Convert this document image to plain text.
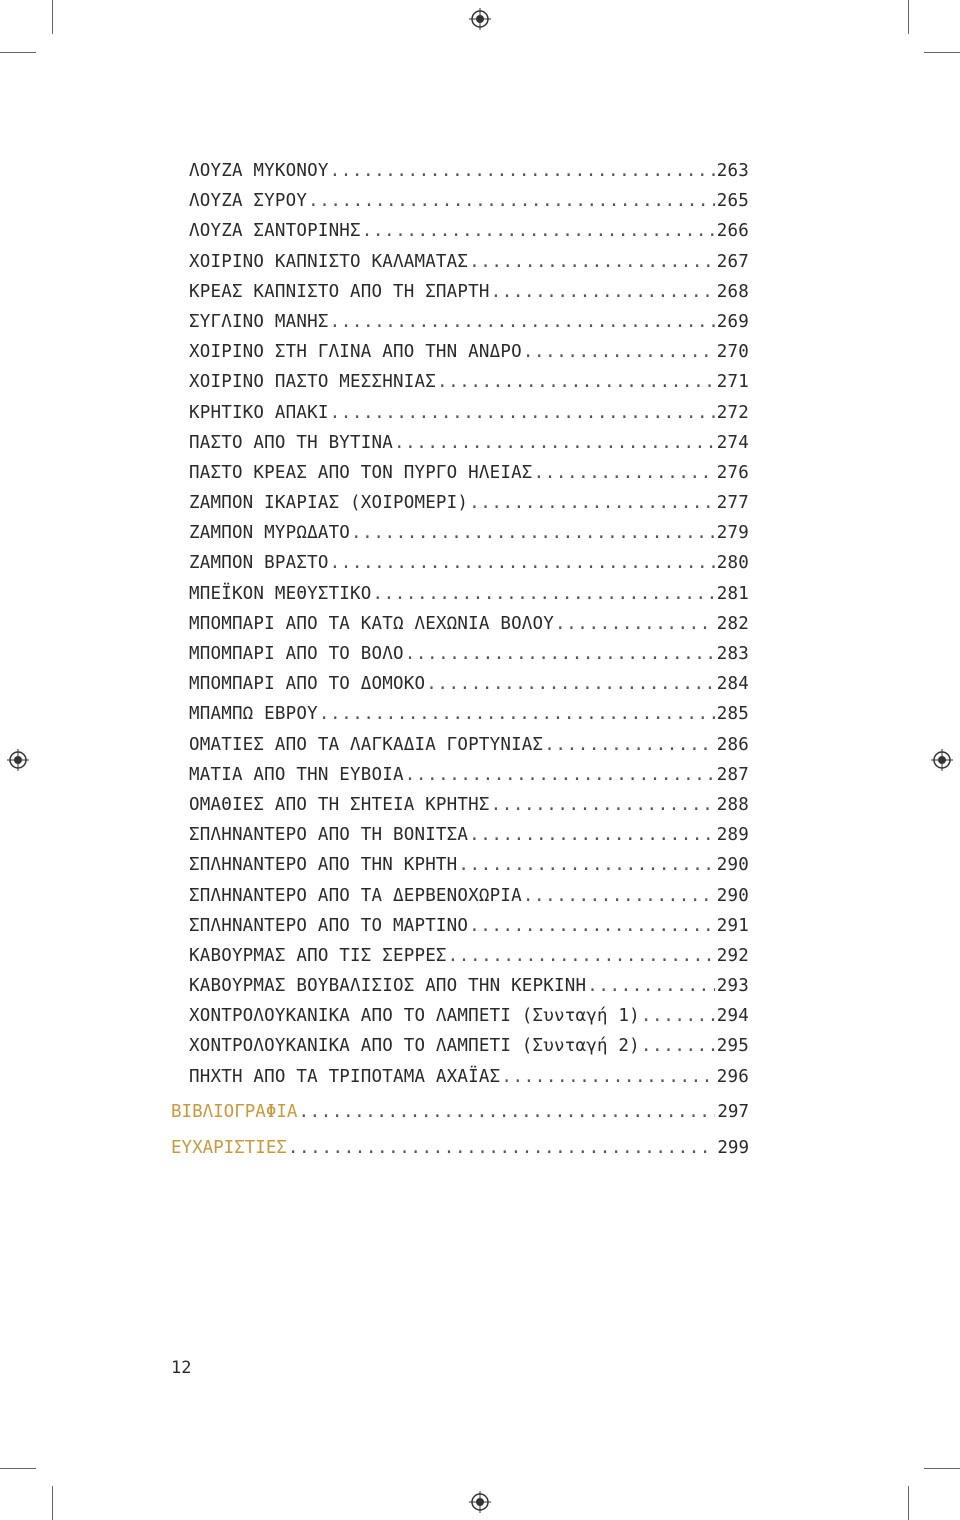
ΛΟΥΖΑ ΜΥΚΟΝΟΥ .....	263
ΛΟΥΖΑ ΣΥΡΟΥ .....	265
ΛΟΥΖΑ ΣΑΝΤΟΡΙΝΗΣ .....	266
ΧΟΙΡΙΝΟ ΚΑΠΝΙΣΤΟ ΚΑΛΑΜΑΤΑΣ .....	267
ΚΡΕΑΣ ΚΑΠΝΙΣΤΟ ΑΠΟ ΤΗ ΣΠΑΡΤΗ .....	268
ΣΥΓΛΙΝΟ ΜΑΝΗΣ .....	269
ΧΟΙΡΙΝΟ ΣΤΗ ΓΛΙΝΑ ΑΠΟ ΤΗΝ ΑΝΔΡΟ .....	270
ΧΟΙΡΙΝΟ ΠΑΣΤΟ ΜΕΣΣΗΝΙΑΣ .....	271
ΚΡΗΤΙΚΟ ΑΠΑΚΙ .....	272
ΠΑΣΤΟ ΑΠΟ ΤΗ ΒΥΤΙΝΑ .....	274
ΠΑΣΤΟ ΚΡΕΑΣ ΑΠΟ ΤΟΝ ΠΥΡΓΟ ΗΛΕΙΑΣ .....	276
ΖΑΜΠΟΝ ΙΚΑΡΙΑΣ (ΧΟΙΡΟΜΕΡΙ) .....	277
ΖΑΜΠΟΝ ΜΥΡΩΔΑΤΟ .....	279
ΖΑΜΠΟΝ ΒΡΑΣΤΟ .....	280
ΜΠΕΪΚΟΝ ΜΕΘΥΣΤΙΚΟ .....	281
ΜΠΟΜΠΑΡΙ ΑΠΟ ΤΑ ΚΑΤΩ ΛΕΧΩΝΙΑ ΒΟΛΟΥ .....	282
ΜΠΟΜΠΑΡΙ ΑΠΟ ΤΟ ΒΟΛΟ .....	283
ΜΠΟΜΠΑΡΙ ΑΠΟ ΤΟ ΔΟΜΟΚΟ .....	284
ΜΠΑΜΠΩ ΕΒΡΟΥ .....	285
ΟΜΑΤΙΕΣ ΑΠΟ ΤΑ ΛΑΓΚΑΔΙΑ ΓΟΡΤΥΝΙΑΣ .....	286
ΜΑΤΙΑ ΑΠΟ ΤΗΝ ΕΥΒΟΙΑ .....	287
ΟΜΑΘΙΕΣ ΑΠΟ ΤΗ ΣΗΤΕΙΑ ΚΡΗΤΗΣ .....	288
ΣΠΛΗΝΑΝΤΕΡΟ ΑΠΟ ΤΗ ΒΟΝΙΤΣΑ .....	289
ΣΠΛΗΝΑΝΤΕΡΟ ΑΠΟ ΤΗΝ ΚΡΗΤΗ .....	290
ΣΠΛΗΝΑΝΤΕΡΟ ΑΠΟ ΤΑ ΔΕΡΒΕΝΟΧΩΡΙΑ .....	290
ΣΠΛΗΝΑΝΤΕΡΟ ΑΠΟ ΤΟ ΜΑΡΤΙΝΟ .....	291
ΚΑΒΟΥΡΜΑΣ ΑΠΟ ΤΙΣ ΣΕΡΡΕΣ .....	292
ΚΑΒΟΥΡΜΑΣ ΒΟΥΒΑΛΙΣΙΟΣ ΑΠΟ ΤΗΝ ΚΕΡΚΙΝΗ .....	293
ΧΟΝΤΡΟΛΟΥΚΑΝΙΚΑ ΑΠΟ ΤΟ ΛΑΜΠΕΤΙ (Συνταγή 1) .....	294
ΧΟΝΤΡΟΛΟΥΚΑΝΙΚΑ ΑΠΟ ΤΟ ΛΑΜΠΕΤΙ (Συνταγή 2) .....	295
ΠΗΧΤΗ ΑΠΟ ΤΑ ΤΡΙΠΟΤΑΜΑ ΑΧΑΪΑΣ .....	296
ΒΙΒΛΙΟΓΡΑΦΙΑ .....	297
ΕΥΧΑΡΙΣΤΙΕΣ .....	299
12
